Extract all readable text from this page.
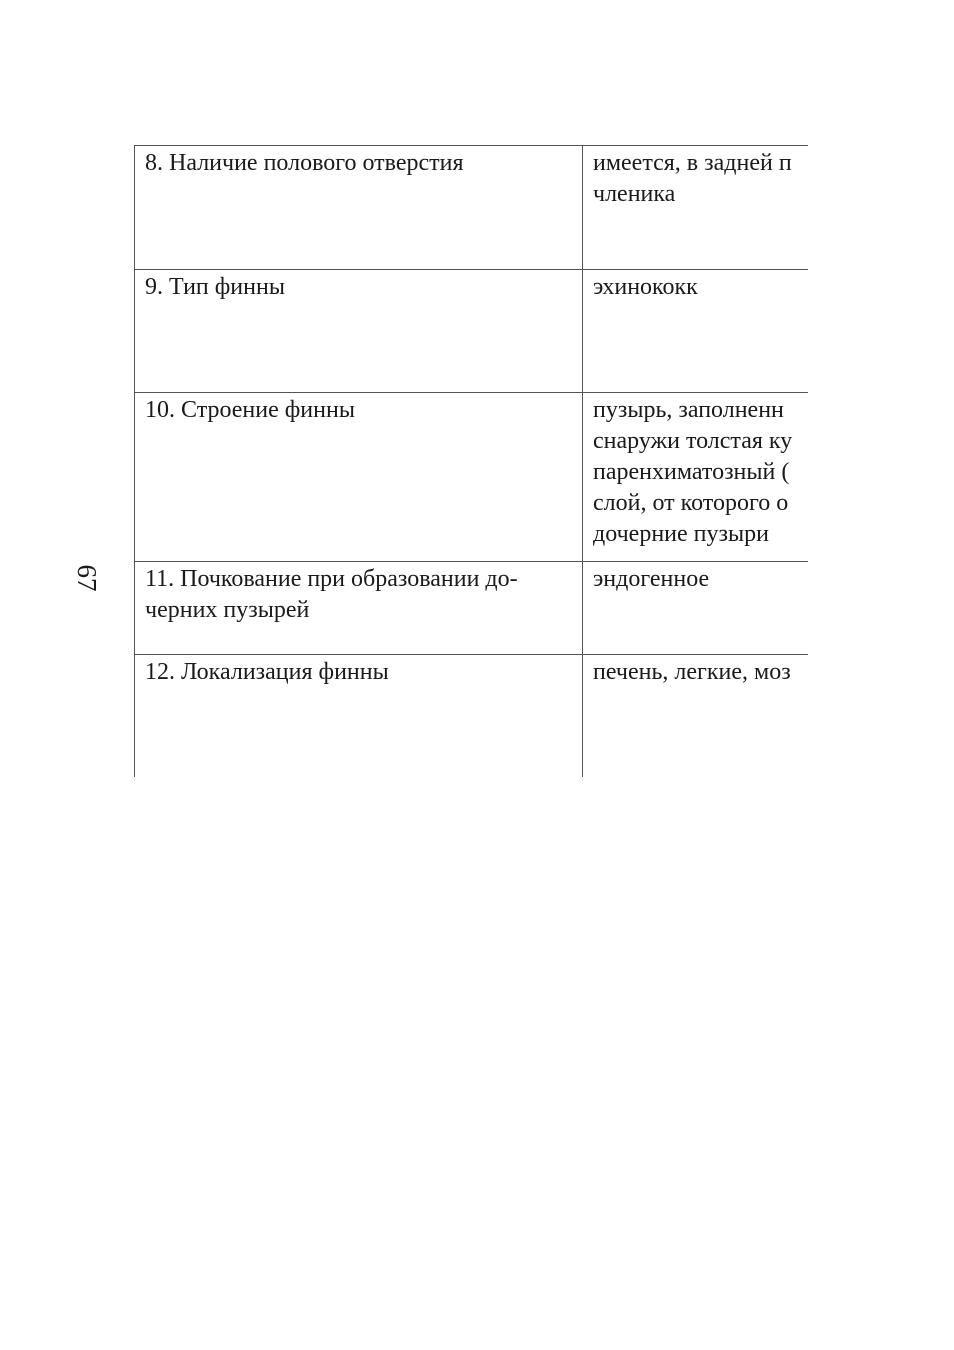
67
8. Наличие полового отверстия	имеется, в задней п
членика

9. Тип финны	эхинококк

10. Строение финны	пузырь, заполненн
снаружи толстая ку
паренхиматозный (
слой, от которого о
дочерние пузыри

11. Почкование при образовании до-
черних пузырей	эндогенное

12. Локализация финны	печень, легкие, моз
